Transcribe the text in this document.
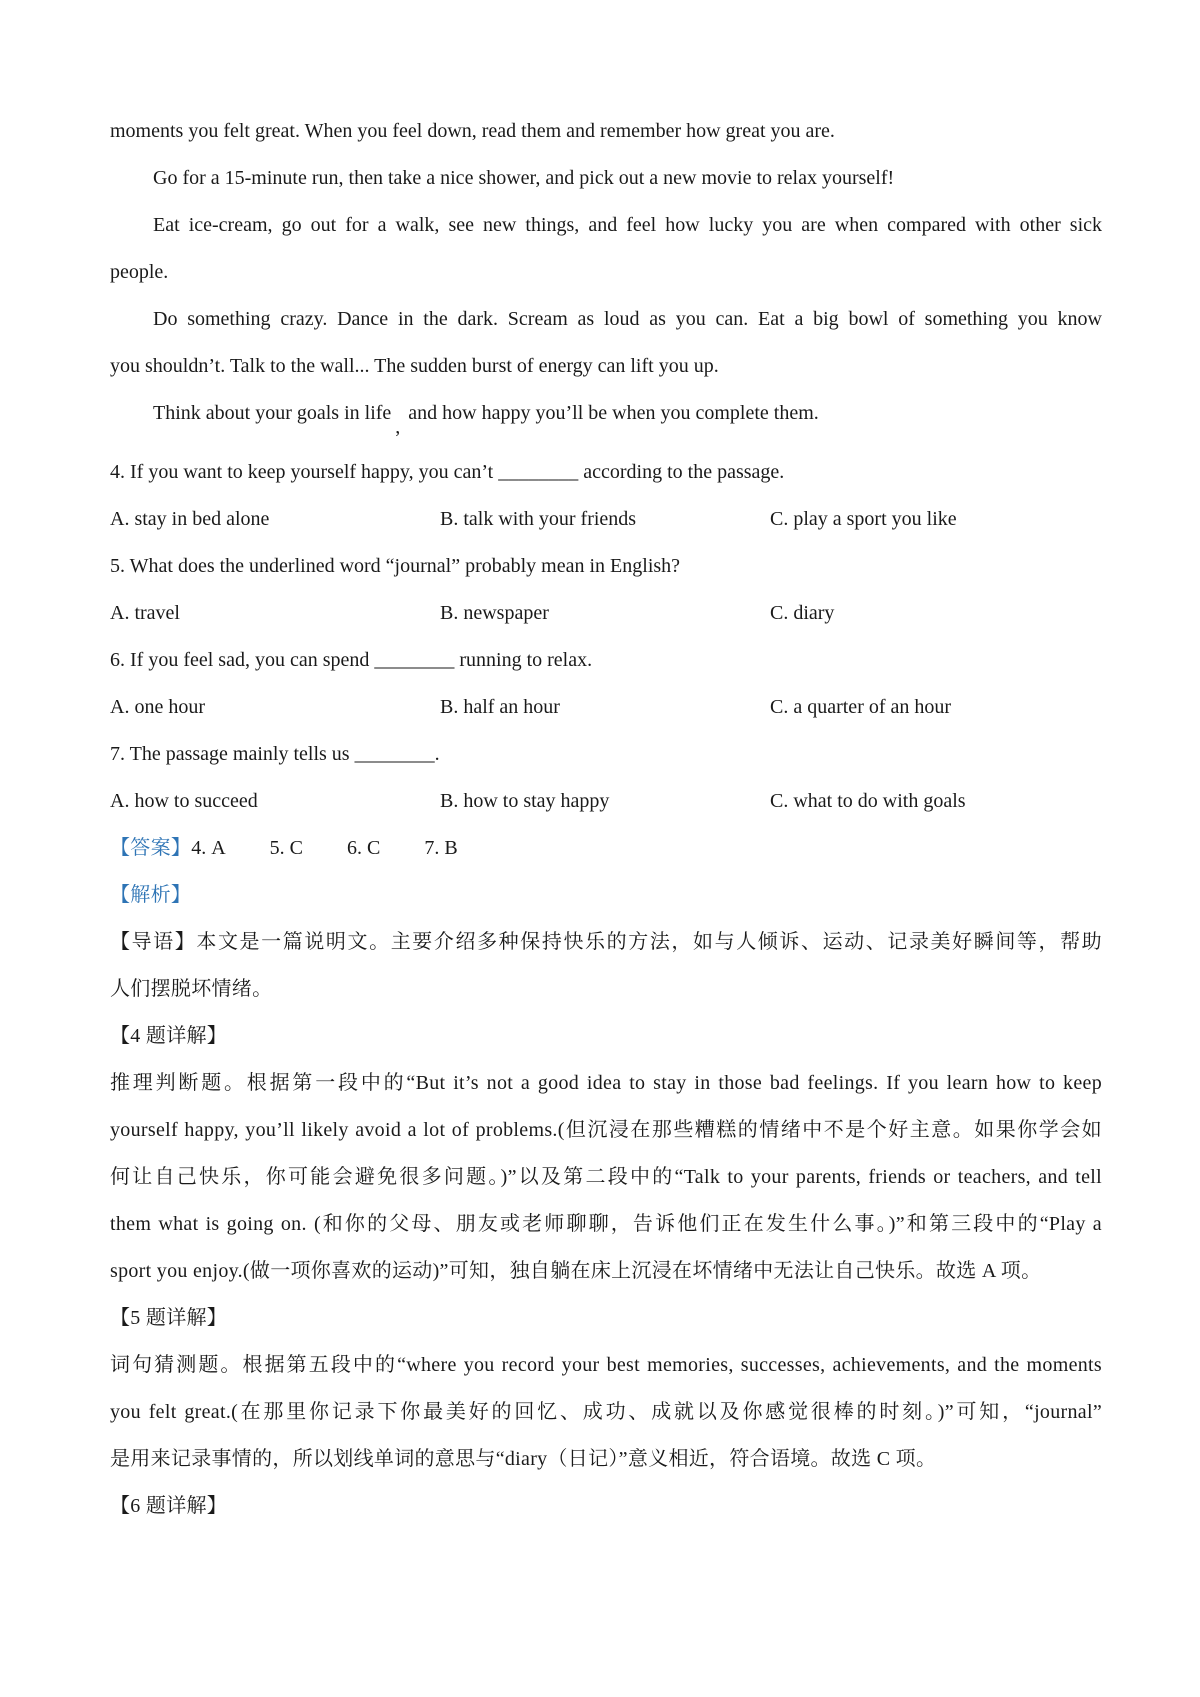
moments you felt great. When you feel down, read them and remember how great you are.
Go for a 15-minute run, then take a nice shower, and pick out a new movie to relax yourself!
Eat ice-cream, go out for a walk, see new things, and feel how lucky you are when compared with other sick
people.
Do something crazy. Dance in the dark. Scream as loud as you can. Eat a big bowl of something you know
you shouldn’t. Talk to the wall... The sudden burst of energy can lift you up.
Think about your goals in life,and how happy you’ll be when you complete them.
4. If you want to keep yourself happy, you can’t ________ according to the passage.
A. stay in bed alone	B. talk with your friends	C. play a sport you like
5. What does the underlined word “journal” probably mean in English?
A. travel	B. newspaper	C. diary
6. If you feel sad, you can spend ________ running to relax.
A. one hour	B. half an hour	C. a quarter of an hour
7. The passage mainly tells us ________.
A. how to succeed	B. how to stay happy	C. what to do with goals
【答案】4. A 5. C 6. C 7. B
【解析】
【导语】本文是一篇说明文。主要介绍多种保持快乐的方法，如与人倾诉、运动、记录美好瞬间等，帮助
人们摆脱坏情绪。
【4 题详解】
推理判断题。根据第一段中的“But it’s not a good idea to stay in those bad feelings. If you learn how to keep
yourself happy, you’ll likely avoid a lot of problems.(但沉浸在那些糟糕的情绪中不是个好主意。如果你学会如
何让自己快乐，你可能会避免很多问题。)”以及第二段中的“Talk to your parents, friends or teachers, and tell
them what is going on. (和你的父母、朋友或老师聊聊，告诉他们正在发生什么事。)”和第三段中的“Play a
sport you enjoy.(做一项你喜欢的运动)”可知，独自躺在床上沉浸在坏情绪中无法让自己快乐。故选 A 项。
【5 题详解】
词句猜测题。根据第五段中的“where you record your best memories, successes, achievements, and the moments
you felt great.(在那里你记录下你最美好的回忆、成功、成就以及你感觉很棒的时刻。)”可知，“journal”
是用来记录事情的，所以划线单词的意思与“diary（日记）”意义相近，符合语境。故选 C 项。
【6 题详解】
